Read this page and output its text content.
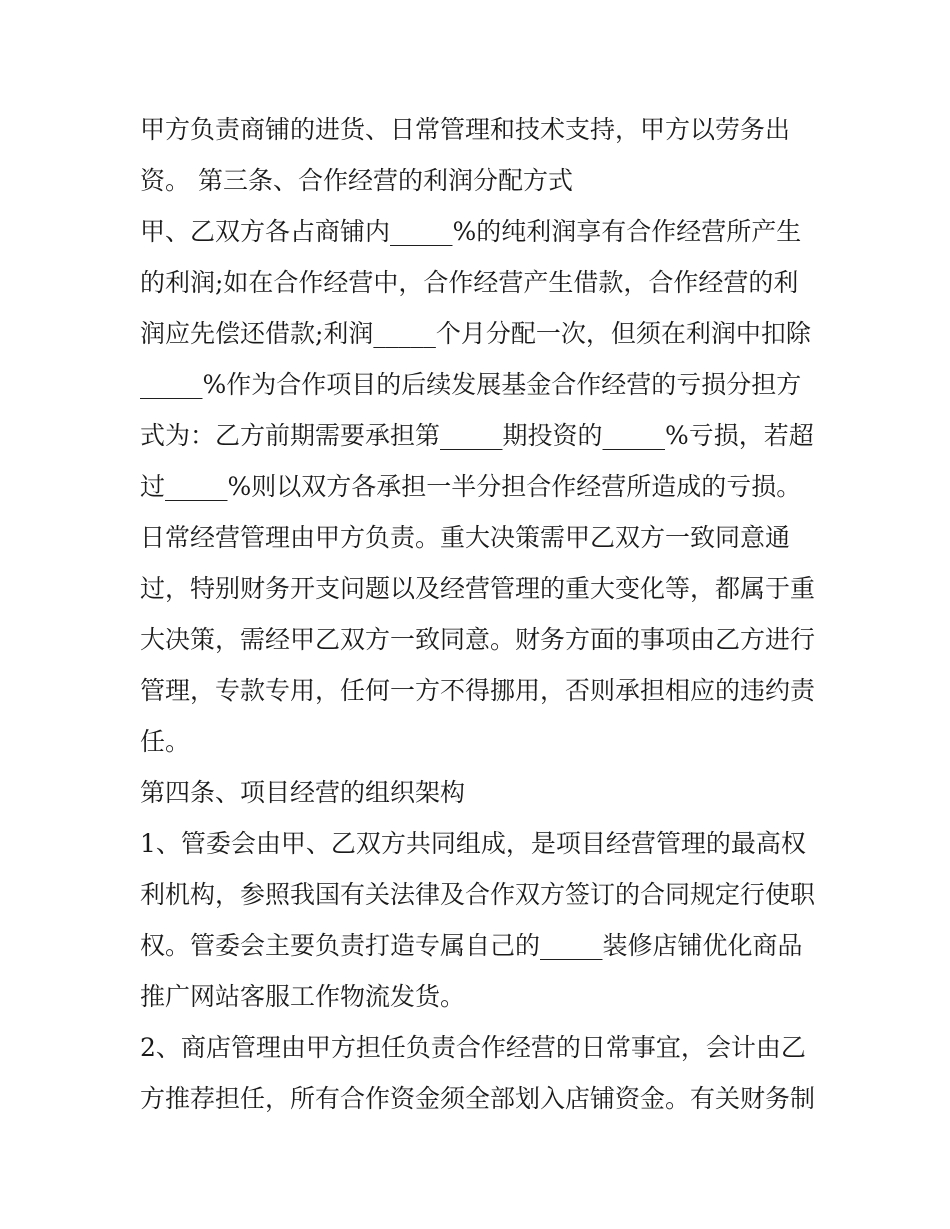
甲方负责商铺的进货、日常管理和技术支持，甲方以劳务出
资。 第三条、合作经营的利润分配方式
甲、乙双方各占商铺内_____%的纯利润享有合作经营所产生
的利润;如在合作经营中，合作经营产生借款，合作经营的利
润应先偿还借款;利润_____个月分配一次，但须在利润中扣除
_____%作为合作项目的后续发展基金合作经营的亏损分担方
式为：乙方前期需要承担第_____期投资的_____%亏损，若超
过_____%则以双方各承担一半分担合作经营所造成的亏损。
日常经营管理由甲方负责。重大决策需甲乙双方一致同意通
过，特别财务开支问题以及经营管理的重大变化等，都属于重
大决策，需经甲乙双方一致同意。财务方面的事项由乙方进行
管理，专款专用，任何一方不得挪用，否则承担相应的违约责
任。
第四条、项目经营的组织架构
1、管委会由甲、乙双方共同组成，是项目经营管理的最高权
利机构，参照我国有关法律及合作双方签订的合同规定行使职
权。管委会主要负责打造专属自己的_____装修店铺优化商品
推广网站客服工作物流发货。
2、商店管理由甲方担任负责合作经营的日常事宜，会计由乙
方推荐担任，所有合作资金须全部划入店铺资金。有关财务制
